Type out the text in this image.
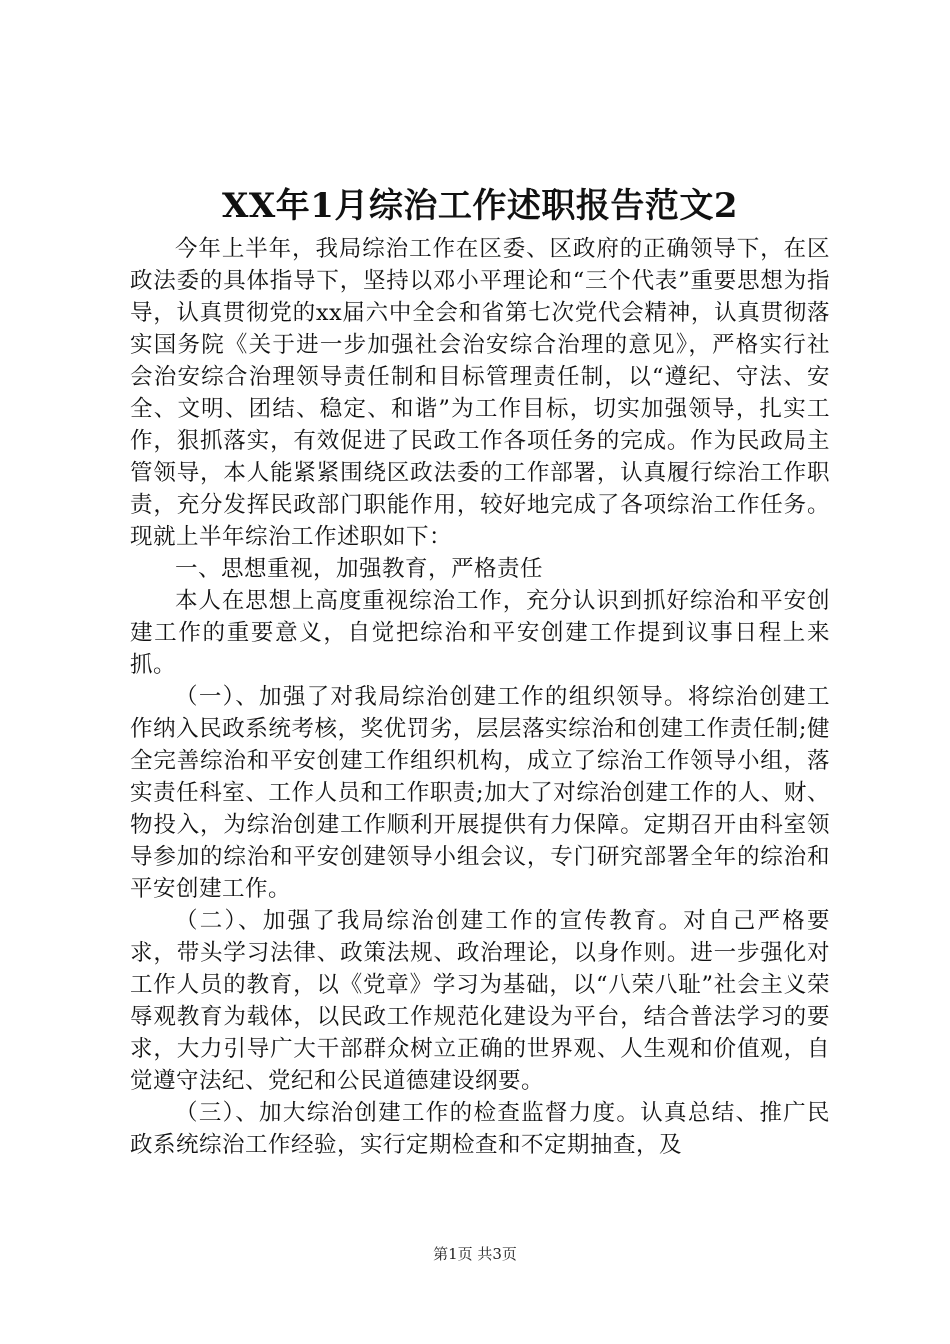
XX年1月综治工作述职报告范文2

今年上半年，我局综治工作在区委、区政府的正确领导下，在区政法委的具体指导下，坚持以邓小平理论和“三个代表”重要思想为指导，认真贯彻党的xx届六中全会和省第七次党代会精神，认真贯彻落实国务院《关于进一步加强社会治安综合治理的意见》，严格实行社会治安综合治理领导责任制和目标管理责任制，以“遵纪、守法、安全、文明、团结、稳定、和谐”为工作目标，切实加强领导，扎实工作，狠抓落实，有效促进了民政工作各项任务的完成。作为民政局主管领导，本人能紧紧围绕区政法委的工作部署，认真履行综治工作职责，充分发挥民政部门职能作用，较好地完成了各项综治工作任务。现就上半年综治工作述职如下：

一、思想重视，加强教育，严格责任

本人在思想上高度重视综治工作，充分认识到抓好综治和平安创建工作的重要意义，自觉把综治和平安创建工作提到议事日程上来抓。

（一）、加强了对我局综治创建工作的组织领导。将综治创建工作纳入民政系统考核，奖优罚劣，层层落实综治和创建工作责任制;健全完善综治和平安创建工作组织机构，成立了综治工作领导小组，落实责任科室、工作人员和工作职责;加大了对综治创建工作的人、财、物投入，为综治创建工作顺利开展提供有力保障。定期召开由科室领导参加的综治和平安创建领导小组会议，专门研究部署全年的综治和平安创建工作。

（二）、加强了我局综治创建工作的宣传教育。对自己严格要求，带头学习法律、政策法规、政治理论，以身作则。进一步强化对工作人员的教育，以《党章》学习为基础，以“八荣八耻”社会主义荣辱观教育为载体，以民政工作规范化建设为平台，结合普法学习的要求，大力引导广大干部群众树立正确的世界观、人生观和价值观，自觉遵守法纪、党纪和公民道德建设纲要。

（三）、加大综治创建工作的检查监督力度。认真总结、推广民政系统综治工作经验，实行定期检查和不定期抽查，及

第1页 共3页
